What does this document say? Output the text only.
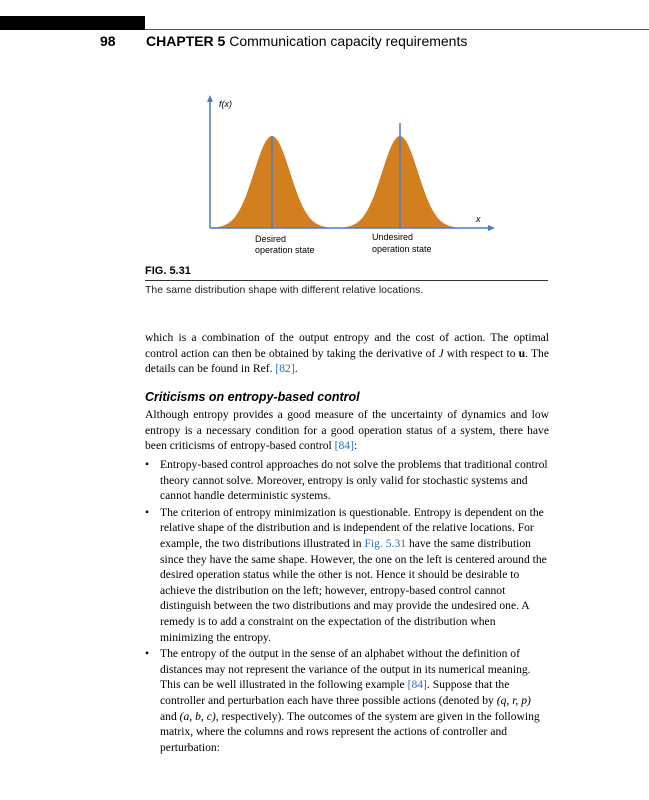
98 CHAPTER 5 Communication capacity requirements
f(x)
x
Desired
operation state
Undesired
operation state
FIG. 5.31
The same distribution shape with different relative locations.
which is a combination of the output entropy and the cost of action. The optimal control action can then be obtained by taking the derivative of J with respect to u. The details can be found in Ref. [82].
Criticisms on entropy-based control
Although entropy provides a good measure of the uncertainty of dynamics and low entropy is a necessary condition for a good operation status of a system, there have been criticisms of entropy-based control [84]:
• Entropy-based control approaches do not solve the problems that traditional control theory cannot solve. Moreover, entropy is only valid for stochastic systems and cannot handle deterministic systems.
• The criterion of entropy minimization is questionable. Entropy is dependent on the relative shape of the distribution and is independent of the relative locations. For example, the two distributions illustrated in Fig. 5.31 have the same distribution since they have the same shape. However, the one on the left is centered around the desired operation status while the other is not. Hence it should be desirable to achieve the distribution on the left; however, entropy-based control cannot distinguish between the two distributions and may provide the undesired one. A remedy is to add a constraint on the expectation of the distribution when minimizing the entropy.
• The entropy of the output in the sense of an alphabet without the definition of distances may not represent the variance of the output in its numerical meaning. This can be well illustrated in the following example [84]. Suppose that the controller and perturbation each have three possible actions (denoted by (q, r, p) and (a, b, c), respectively). The outcomes of the system are given in the following matrix, where the columns and rows represent the actions of controller and perturbation:
